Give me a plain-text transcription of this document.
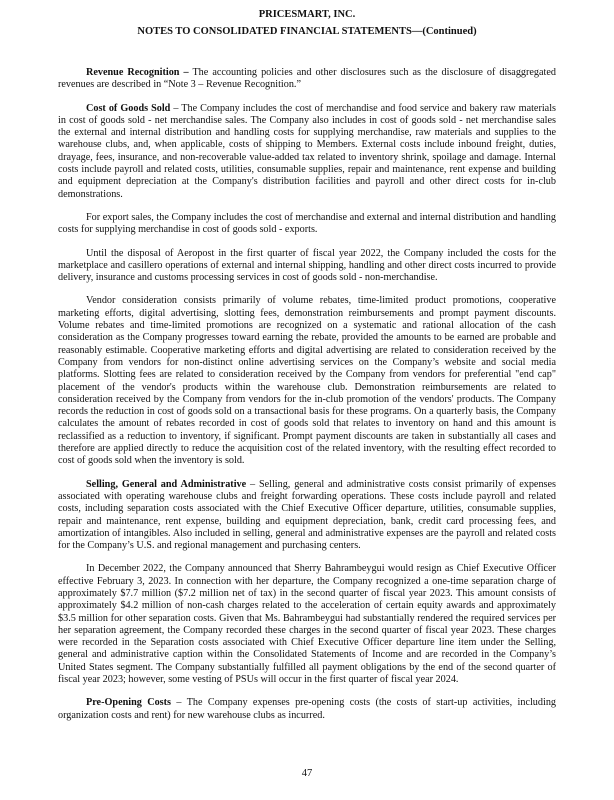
PRICESMART, INC.
NOTES TO CONSOLIDATED FINANCIAL STATEMENTS—(Continued)

Revenue Recognition – The accounting policies and other disclosures such as the disclosure of disaggregated revenues are described in “Note 3 – Revenue Recognition.”

Cost of Goods Sold – The Company includes the cost of merchandise and food service and bakery raw materials in cost of goods sold - net merchandise sales. The Company also includes in cost of goods sold - net merchandise sales the external and internal distribution and handling costs for supplying merchandise, raw materials and supplies to the warehouse clubs, and, when applicable, costs of shipping to Members. External costs include inbound freight, duties, drayage, fees, insurance, and non-recoverable value-added tax related to inventory shrink, spoilage and damage. Internal costs include payroll and related costs, utilities, consumable supplies, repair and maintenance, rent expense and building and equipment depreciation at the Company's distribution facilities and payroll and other direct costs for in-club demonstrations.

For export sales, the Company includes the cost of merchandise and external and internal distribution and handling costs for supplying merchandise in cost of goods sold - exports.

Until the disposal of Aeropost in the first quarter of fiscal year 2022, the Company included the costs for the marketplace and casillero operations of external and internal shipping, handling and other direct costs incurred to provide delivery, insurance and customs processing services in cost of goods sold - non-merchandise.

Vendor consideration consists primarily of volume rebates, time-limited product promotions, cooperative marketing efforts, digital advertising, slotting fees, demonstration reimbursements and prompt payment discounts. Volume rebates and time-limited promotions are recognized on a systematic and rational allocation of the cash consideration as the Company progresses toward earning the rebate, provided the amounts to be earned are probable and reasonably estimable. Cooperative marketing efforts and digital advertising are related to consideration received by the Company from vendors for non-distinct online advertising services on the Company’s website and social media platforms. Slotting fees are related to consideration received by the Company from vendors for preferential "end cap" placement of the vendor's products within the warehouse club. Demonstration reimbursements are related to consideration received by the Company from vendors for the in-club promotion of the vendors' products. The Company records the reduction in cost of goods sold on a transactional basis for these programs. On a quarterly basis, the Company calculates the amount of rebates recorded in cost of goods sold that relates to inventory on hand and this amount is reclassified as a reduction to inventory, if significant. Prompt payment discounts are taken in substantially all cases and therefore are applied directly to reduce the acquisition cost of the related inventory, with the resulting effect recorded to cost of goods sold when the inventory is sold.

Selling, General and Administrative – Selling, general and administrative costs consist primarily of expenses associated with operating warehouse clubs and freight forwarding operations. These costs include payroll and related costs, including separation costs associated with the Chief Executive Officer departure, utilities, consumable supplies, repair and maintenance, rent expense, building and equipment depreciation, bank, credit card processing fees, and amortization of intangibles. Also included in selling, general and administrative expenses are the payroll and related costs for the Company’s U.S. and regional management and purchasing centers.

In December 2022, the Company announced that Sherry Bahrambeygui would resign as Chief Executive Officer effective February 3, 2023. In connection with her departure, the Company recognized a one-time separation charge of approximately $7.7 million ($7.2 million net of tax) in the second quarter of fiscal year 2023. This amount consists of approximately $4.2 million of non-cash charges related to the acceleration of certain equity awards and approximately $3.5 million for other separation costs. Given that Ms. Bahrambeygui had substantially rendered the required services per her separation agreement, the Company recorded these charges in the second quarter of fiscal year 2023. These charges were recorded in the Separation costs associated with Chief Executive Officer departure line item under the Selling, general and administrative caption within the Consolidated Statements of Income and are recorded in the Company’s United States segment. The Company substantially fulfilled all payment obligations by the end of the second quarter of fiscal year 2023; however, some vesting of PSUs will occur in the first quarter of fiscal year 2024.

Pre-Opening Costs – The Company expenses pre-opening costs (the costs of start-up activities, including organization costs and rent) for new warehouse clubs as incurred.

47
